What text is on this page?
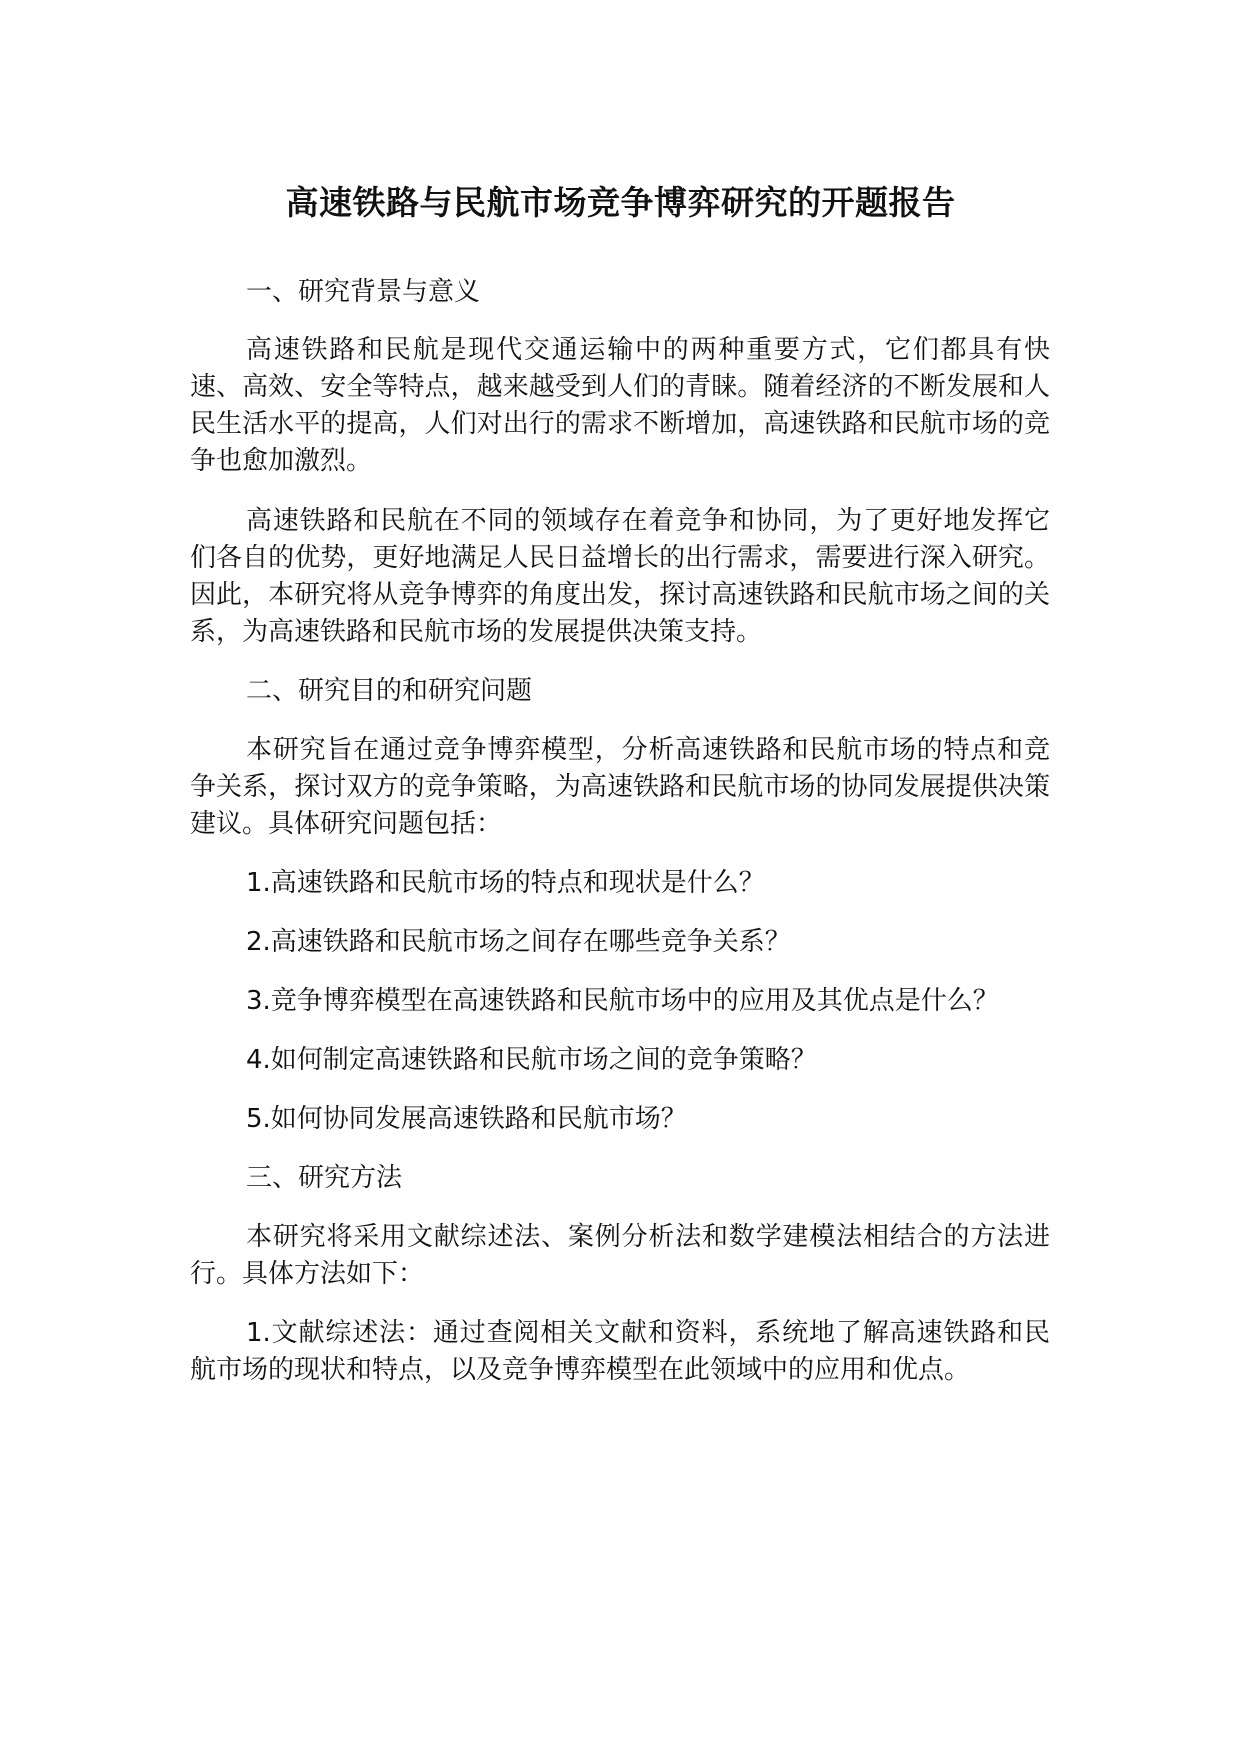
高速铁路与民航市场竞争博弈研究的开题报告

一、研究背景与意义

高速铁路和民航是现代交通运输中的两种重要方式，它们都具有快速、高效、安全等特点，越来越受到人们的青睐。随着经济的不断发展和人民生活水平的提高，人们对出行的需求不断增加，高速铁路和民航市场的竞争也愈加激烈。

高速铁路和民航在不同的领域存在着竞争和协同，为了更好地发挥它们各自的优势，更好地满足人民日益增长的出行需求，需要进行深入研究。因此，本研究将从竞争博弈的角度出发，探讨高速铁路和民航市场之间的关系，为高速铁路和民航市场的发展提供决策支持。

二、研究目的和研究问题

本研究旨在通过竞争博弈模型，分析高速铁路和民航市场的特点和竞争关系，探讨双方的竞争策略，为高速铁路和民航市场的协同发展提供决策建议。具体研究问题包括：

1.高速铁路和民航市场的特点和现状是什么？

2.高速铁路和民航市场之间存在哪些竞争关系？

3.竞争博弈模型在高速铁路和民航市场中的应用及其优点是什么？

4.如何制定高速铁路和民航市场之间的竞争策略？

5.如何协同发展高速铁路和民航市场？

三、研究方法

本研究将采用文献综述法、案例分析法和数学建模法相结合的方法进行。具体方法如下：

1.文献综述法：通过查阅相关文献和资料，系统地了解高速铁路和民航市场的现状和特点，以及竞争博弈模型在此领域中的应用和优点。
